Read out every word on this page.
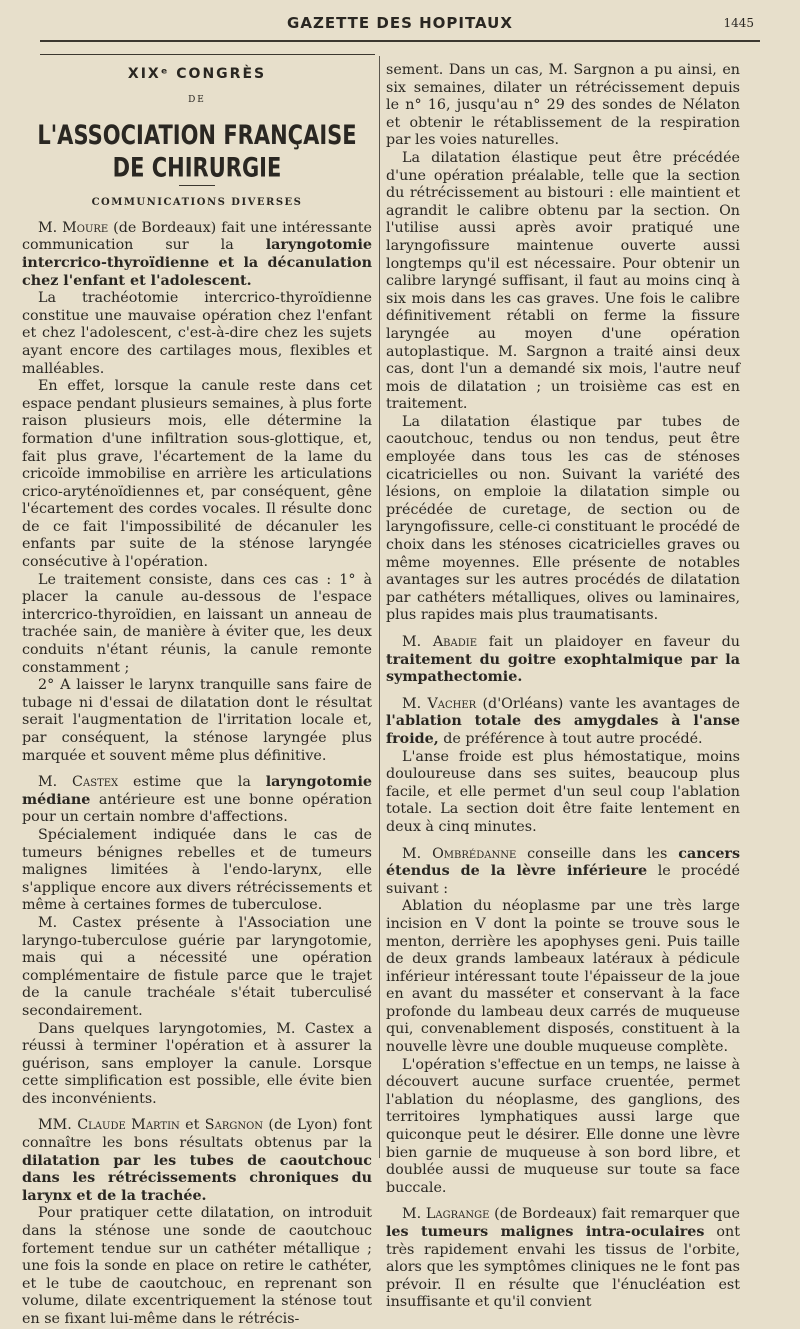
GAZETTE DES HOPITAUX	1445
XIXᵉ CONGRÈS
DE
L'ASSOCIATION FRANÇAISE DE CHIRURGIE
COMMUNICATIONS DIVERSES

M. Moure (de Bordeaux) fait une intéressante communication sur la laryngotomie intercrico-thyroïdienne et la décanulation chez l'enfant et l'adolescent.

La trachéotomie intercrico-thyroïdienne constitue une mauvaise opération chez l'enfant et chez l'adolescent, c'est-à-dire chez les sujets ayant encore des cartilages mous, flexibles et malléables.

En effet, lorsque la canule reste dans cet espace pendant plusieurs semaines, à plus forte raison plusieurs mois, elle détermine la formation d'une infiltration sous-glottique, et, fait plus grave, l'écartement de la lame du cricoïde immobilise en arrière les articulations crico-aryténoïdiennes et, par conséquent, gêne l'écartement des cordes vocales. Il résulte donc de ce fait l'impossibilité de décanuler les enfants par suite de la sténose laryngée consécutive à l'opération.

Le traitement consiste, dans ces cas : 1° à placer la canule au-dessous de l'espace intercrico-thyroïdien, en laissant un anneau de trachée sain, de manière à éviter que, les deux conduits n'étant réunis, la canule remonte constamment ;

2° A laisser le larynx tranquille sans faire de tubage ni d'essai de dilatation dont le résultat serait l'augmentation de l'irritation locale et, par conséquent, la sténose laryngée plus marquée et souvent même plus définitive.

M. Castex estime que la laryngotomie médiane antérieure est une bonne opération pour un certain nombre d'affections.

Spécialement indiquée dans le cas de tumeurs bénignes rebelles et de tumeurs malignes limitées à l'endo-larynx, elle s'applique encore aux divers rétrécissements et même à certaines formes de tuberculose.

M. Castex présente à l'Association une laryngo-tuberculose guérie par laryngotomie, mais qui a nécessité une opération complémentaire de fistule parce que le trajet de la canule trachéale s'était tuberculisé secondairement.

Dans quelques laryngotomies, M. Castex a réussi à terminer l'opération et à assurer la guérison, sans employer la canule. Lorsque cette simplification est possible, elle évite bien des inconvénients.

MM. Claude Martin et Sargnon (de Lyon) font connaître les bons résultats obtenus par la dilatation par les tubes de caoutchouc dans les rétrécissements chroniques du larynx et de la trachée.

Pour pratiquer cette dilatation, on introduit dans la sténose une sonde de caoutchouc fortement tendue sur un cathéter métallique ; une fois la sonde en place on retire le cathéter, et le tube de caoutchouc, en reprenant son volume, dilate excentriquement la sténose tout en se fixant lui-même dans le rétrécis-

sement. Dans un cas, M. Sargnon a pu ainsi, en six semaines, dilater un rétrécissement depuis le n° 16, jusqu'au n° 29 des sondes de Nélaton et obtenir le rétablissement de la respiration par les voies naturelles.

La dilatation élastique peut être précédée d'une opération préalable, telle que la section du rétrécissement au bistouri : elle maintient et agrandit le calibre obtenu par la section. On l'utilise aussi après avoir pratiqué une laryngofissure maintenue ouverte aussi longtemps qu'il est nécessaire. Pour obtenir un calibre laryngé suffisant, il faut au moins cinq à six mois dans les cas graves. Une fois le calibre définitivement rétabli on ferme la fissure laryngée au moyen d'une opération autoplastique. M. Sargnon a traité ainsi deux cas, dont l'un a demandé six mois, l'autre neuf mois de dilatation ; un troisième cas est en traitement.

La dilatation élastique par tubes de caoutchouc, tendus ou non tendus, peut être employée dans tous les cas de sténoses cicatricielles ou non. Suivant la variété des lésions, on emploie la dilatation simple ou précédée de curetage, de section ou de laryngofissure, celle-ci constituant le procédé de choix dans les sténoses cicatricielles graves ou même moyennes. Elle présente de notables avantages sur les autres procédés de dilatation par cathéters métalliques, olives ou laminaires, plus rapides mais plus traumatisants.

M. Abadie fait un plaidoyer en faveur du traitement du goitre exophtalmique par la sympathectomie.

M. Vacher (d'Orléans) vante les avantages de l'ablation totale des amygdales à l'anse froide, de préférence à tout autre procédé.

L'anse froide est plus hémostatique, moins douloureuse dans ses suites, beaucoup plus facile, et elle permet d'un seul coup l'ablation totale. La section doit être faite lentement en deux à cinq minutes.

M. Ombrédanne conseille dans les cancers étendus de la lèvre inférieure le procédé suivant :

Ablation du néoplasme par une très large incision en V dont la pointe se trouve sous le menton, derrière les apophyses geni. Puis taille de deux grands lambeaux latéraux à pédicule inférieur intéressant toute l'épaisseur de la joue en avant du masséter et conservant à la face profonde du lambeau deux carrés de muqueuse qui, convenablement disposés, constituent à la nouvelle lèvre une double muqueuse complète.

L'opération s'effectue en un temps, ne laisse à découvert aucune surface cruentée, permet l'ablation du néoplasme, des ganglions, des territoires lymphatiques aussi large que quiconque peut le désirer. Elle donne une lèvre bien garnie de muqueuse à son bord libre, et doublée aussi de muqueuse sur toute sa face buccale.

M. Lagrange (de Bordeaux) fait remarquer que les tumeurs malignes intra-oculaires ont très rapidement envahi les tissus de l'orbite, alors que les symptômes cliniques ne le font pas prévoir. Il en résulte que l'énucléation est insuffisante et qu'il convient
